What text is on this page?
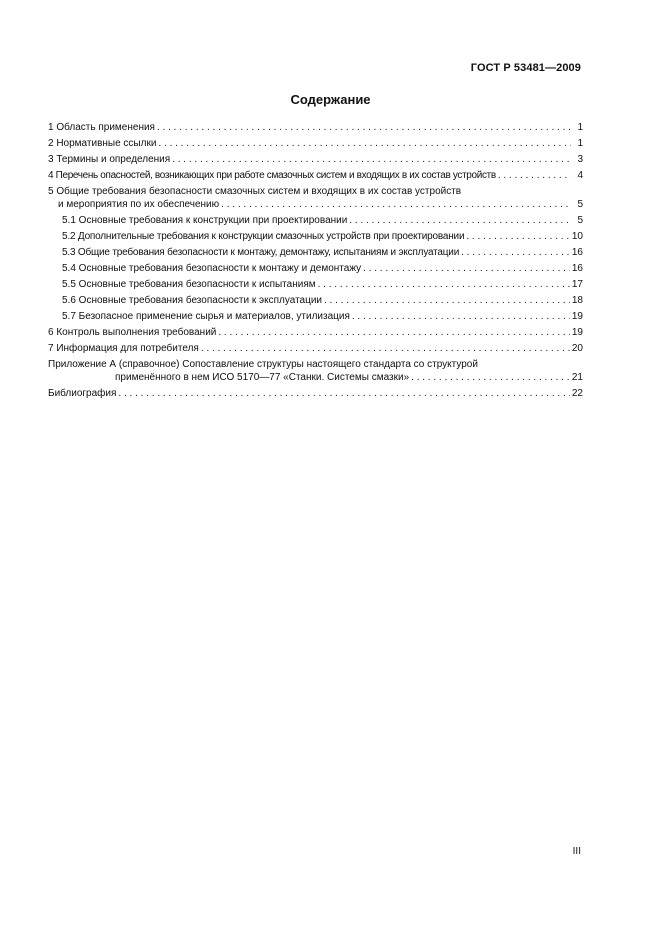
ГОСТ Р 53481—2009
Содержание
1 Область применения . . .	1
2 Нормативные ссылки . . .	1
3 Термины и определения . . .	3
4 Перечень опасностей, возникающих при работе смазочных систем и входящих в их состав устройств . . .	4
5 Общие требования безопасности смазочных систем и входящих в их состав устройств
и мероприятия по их обеспечению . . .	5
5.1 Основные требования к конструкции при проектировании . . .	5
5.2 Дополнительные требования к конструкции смазочных устройств при проектировании . . .	10
5.3 Общие требования безопасности к монтажу, демонтажу, испытаниям и эксплуатации . . .	16
5.4 Основные требования безопасности к монтажу и демонтажу . . .	16
5.5 Основные требования безопасности к испытаниям . . .	17
5.6 Основные требования безопасности к эксплуатации . . .	18
5.7 Безопасное применение сырья и материалов, утилизация . . .	19
6 Контроль выполнения требований . . .	19
7 Информация для потребителя . . .	20
Приложение А (справочное) Сопоставление структуры настоящего стандарта со структурой
применённого в нем ИСО 5170—77 «Станки. Системы смазки» . . .	21
Библиография . . .	22
III
